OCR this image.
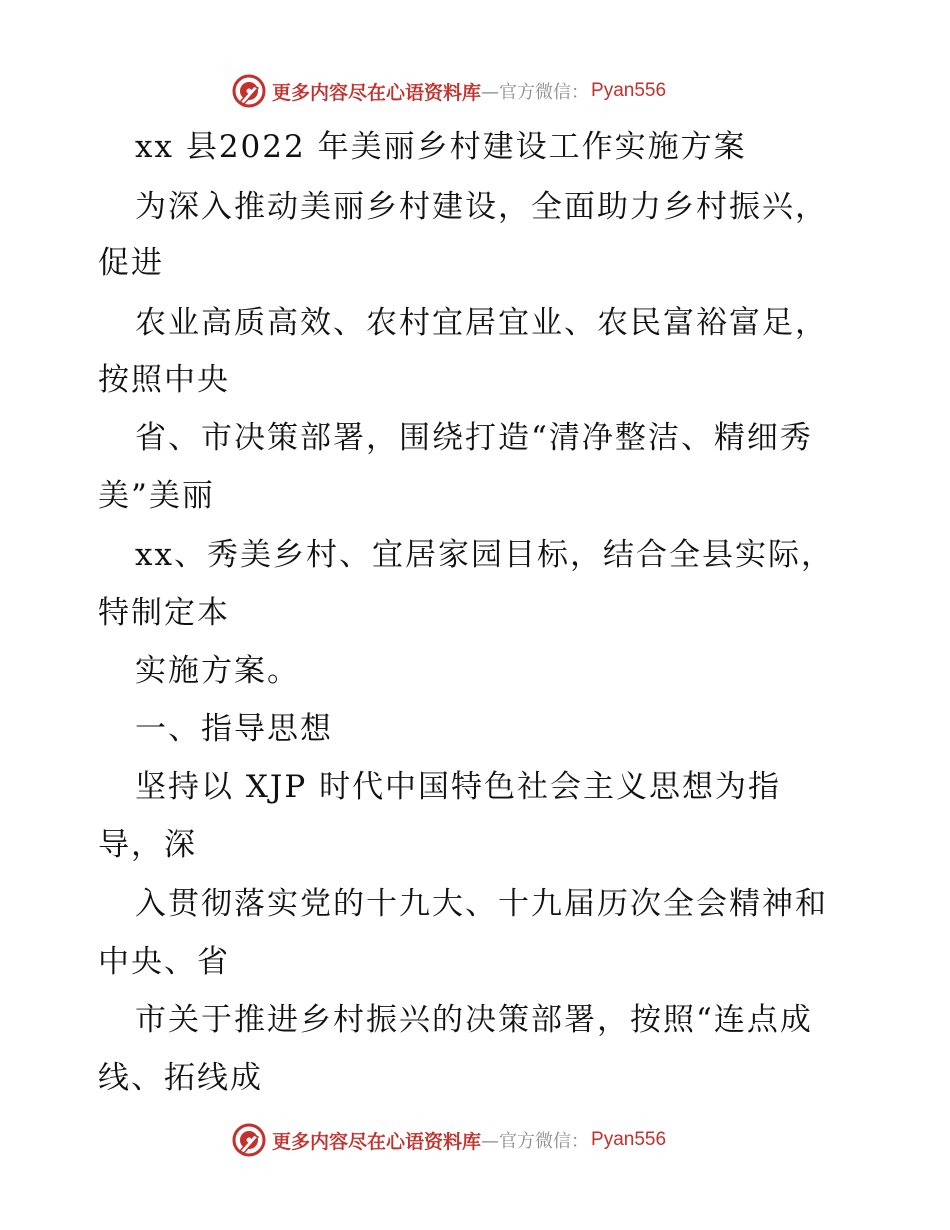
更多内容尽在心语资料库 —官方微信： Pyan556
xx 县2022 年美丽乡村建设工作实施方案
为深入推动美丽乡村建设，全面助力乡村振兴，
促进
农业高质高效、农村宜居宜业、农民富裕富足，
按照中央
省、市决策部署，围绕打造“清净整洁、精细秀
美”美丽
xx、秀美乡村、宜居家园目标，结合全县实际，
特制定本
实施方案。
一、指导思想
坚持以 XJP 时代中国特色社会主义思想为指
导，深
入贯彻落实党的十九大、十九届历次全会精神和
中央、省
市关于推进乡村振兴的决策部署，按照“连点成
线、拓线成
更多内容尽在心语资料库 —官方微信： Pyan556
